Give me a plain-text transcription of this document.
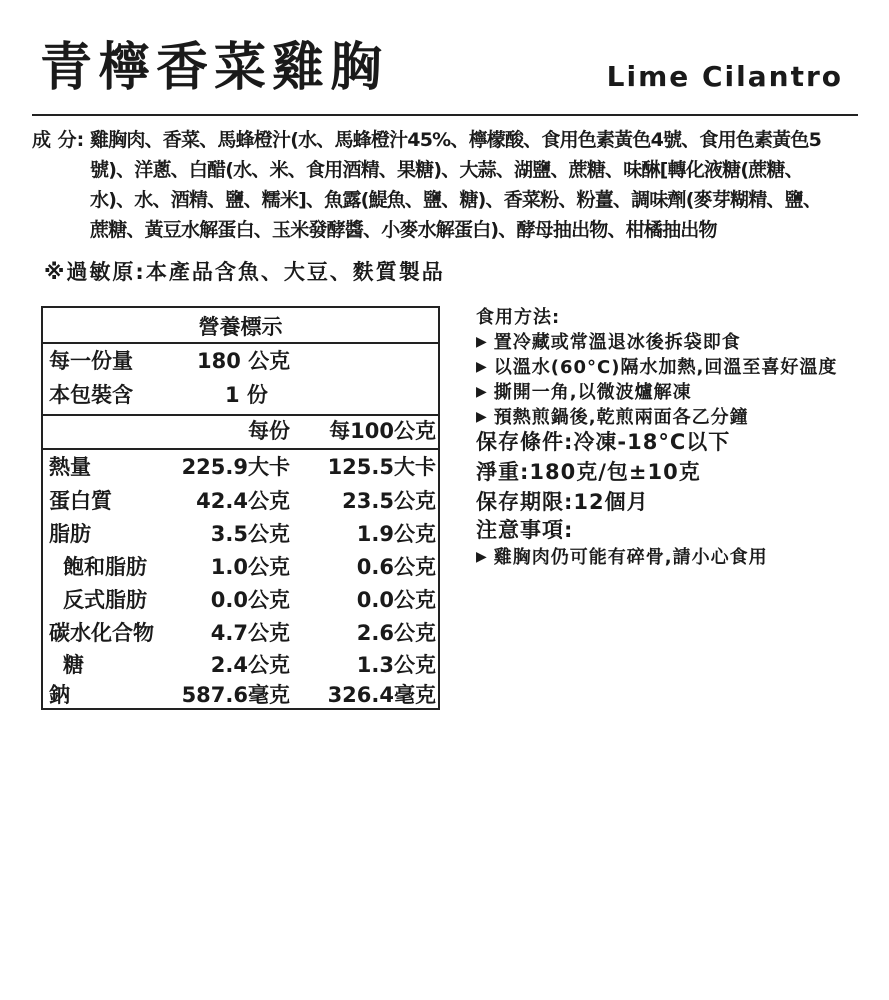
青檸香菜雞胸	Lime Cilantro
成 分: 雞胸肉、香菜、馬蜂橙汁(水、馬蜂橙汁45%、檸檬酸、食用色素黃色4號、食用色素黃色5號)、洋蔥、白醋(水、米、食用酒精、果糖)、大蒜、湖鹽、蔗糖、味醂[轉化液糖(蔗糖、水)、水、酒精、鹽、糯米]、魚露(鯷魚、鹽、糖)、香菜粉、粉薑、調味劑(麥芽糊精、鹽、蔗糖、黃豆水解蛋白、玉米發酵醬、小麥水解蛋白)、酵母抽出物、柑橘抽出物
※過敏原:本產品含魚、大豆、麩質製品
營養標示
每一份量	180 公克
本包裝含	1 份
每份 每100公克
熱量	225.9大卡 125.5大卡
蛋白質	42.4公克 23.5公克
脂肪	3.5公克	1.9公克
飽和脂肪	1.0公克	0.6公克
反式脂肪	0.0公克	0.0公克
碳水化合物	4.7公克	2.6公克
糖	2.4公克	1.3公克
鈉	587.6毫克 326.4毫克
食用方法:
▶ 置冷藏或常溫退冰後拆袋即食
▶ 以溫水(60°C)隔水加熱,回溫至喜好溫度
▶ 撕開一角,以微波爐解凍
▶ 預熱煎鍋後,乾煎兩面各乙分鐘
保存條件:冷凍-18°C以下
淨重:180克/包±10克
保存期限:12個月
注意事項:
▶ 雞胸肉仍可能有碎骨,請小心食用
